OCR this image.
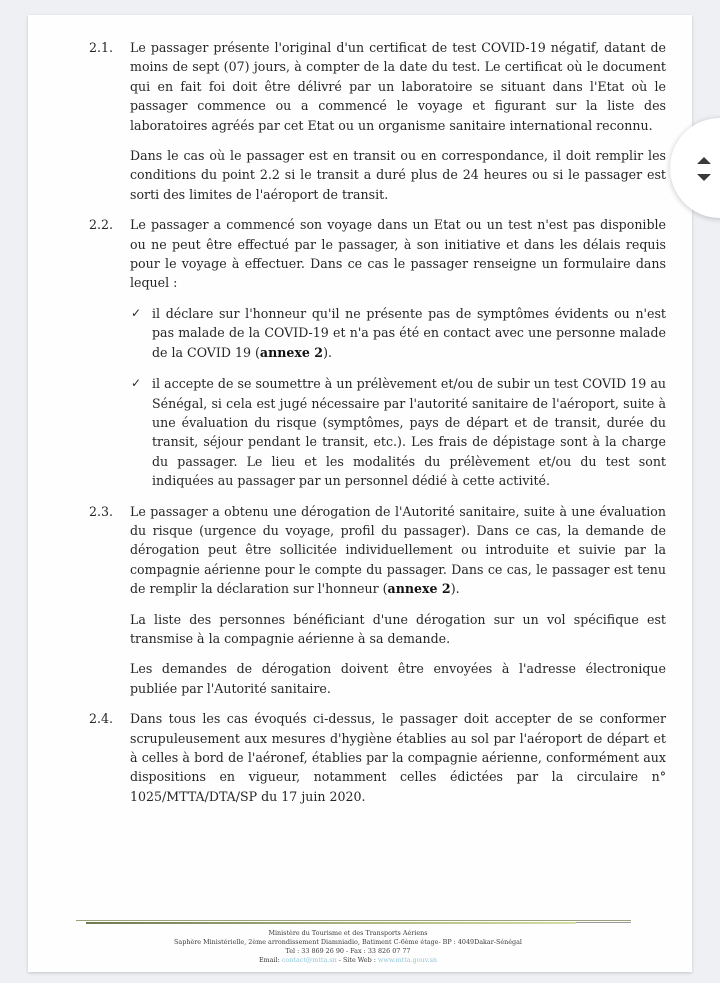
2.1. Le passager présente l'original d'un certificat de test COVID-19 négatif, datant de moins de sept (07) jours, à compter de la date du test. Le certificat où le document qui en fait foi doit être délivré par un laboratoire se situant dans l'Etat où le passager commence ou a commencé le voyage et figurant sur la liste des laboratoires agréés par cet Etat ou un organisme sanitaire international reconnu.

Dans le cas où le passager est en transit ou en correspondance, il doit remplir les conditions du point 2.2 si le transit a duré plus de 24 heures ou si le passager est sorti des limites de l'aéroport de transit.

2.2. Le passager a commencé son voyage dans un Etat ou un test n'est pas disponible ou ne peut être effectué par le passager, à son initiative et dans les délais requis pour le voyage à effectuer. Dans ce cas le passager renseigne un formulaire dans lequel :

✓ il déclare sur l'honneur qu'il ne présente pas de symptômes évidents ou n'est pas malade de la COVID-19 et n'a pas été en contact avec une personne malade de la COVID 19 (annexe 2).
✓ il accepte de se soumettre à un prélèvement et/ou de subir un test COVID 19 au Sénégal, si cela est jugé nécessaire par l'autorité sanitaire de l'aéroport, suite à une évaluation du risque (symptômes, pays de départ et de transit, durée du transit, séjour pendant le transit, etc.). Les frais de dépistage sont à la charge du passager. Le lieu et les modalités du prélèvement et/ou du test sont indiquées au passager par un personnel dédié à cette activité.
2.3. Le passager a obtenu une dérogation de l'Autorité sanitaire, suite à une évaluation du risque (urgence du voyage, profil du passager). Dans ce cas, la demande de dérogation peut être sollicitée individuellement ou introduite et suivie par la compagnie aérienne pour le compte du passager. Dans ce cas, le passager est tenu de remplir la déclaration sur l'honneur (annexe 2).

La liste des personnes bénéficiant d'une dérogation sur un vol spécifique est transmise à la compagnie aérienne à sa demande.

Les demandes de dérogation doivent être envoyées à l'adresse électronique publiée par l'Autorité sanitaire.

2.4. Dans tous les cas évoqués ci-dessus, le passager doit accepter de se conformer scrupuleusement aux mesures d'hygiène établies au sol par l'aéroport de départ et à celles à bord de l'aéronef, établies par la compagnie aérienne, conformément aux dispositions en vigueur, notamment celles édictées par la circulaire n° 1025/MTTA/DTA/SP du 17 juin 2020.

Ministère du Tourisme et des Transports Aériens
Saphère Ministérielle, 2ème arrondissement Diamniadio, Batiment C-6ème étage- BP : 4049Dakar-Sénégal
Tel : 33 869 26 90 - Fax : 33 826 07 77
Email: contact@mtta.sn - Site Web : www.mtta.gouv.sn
